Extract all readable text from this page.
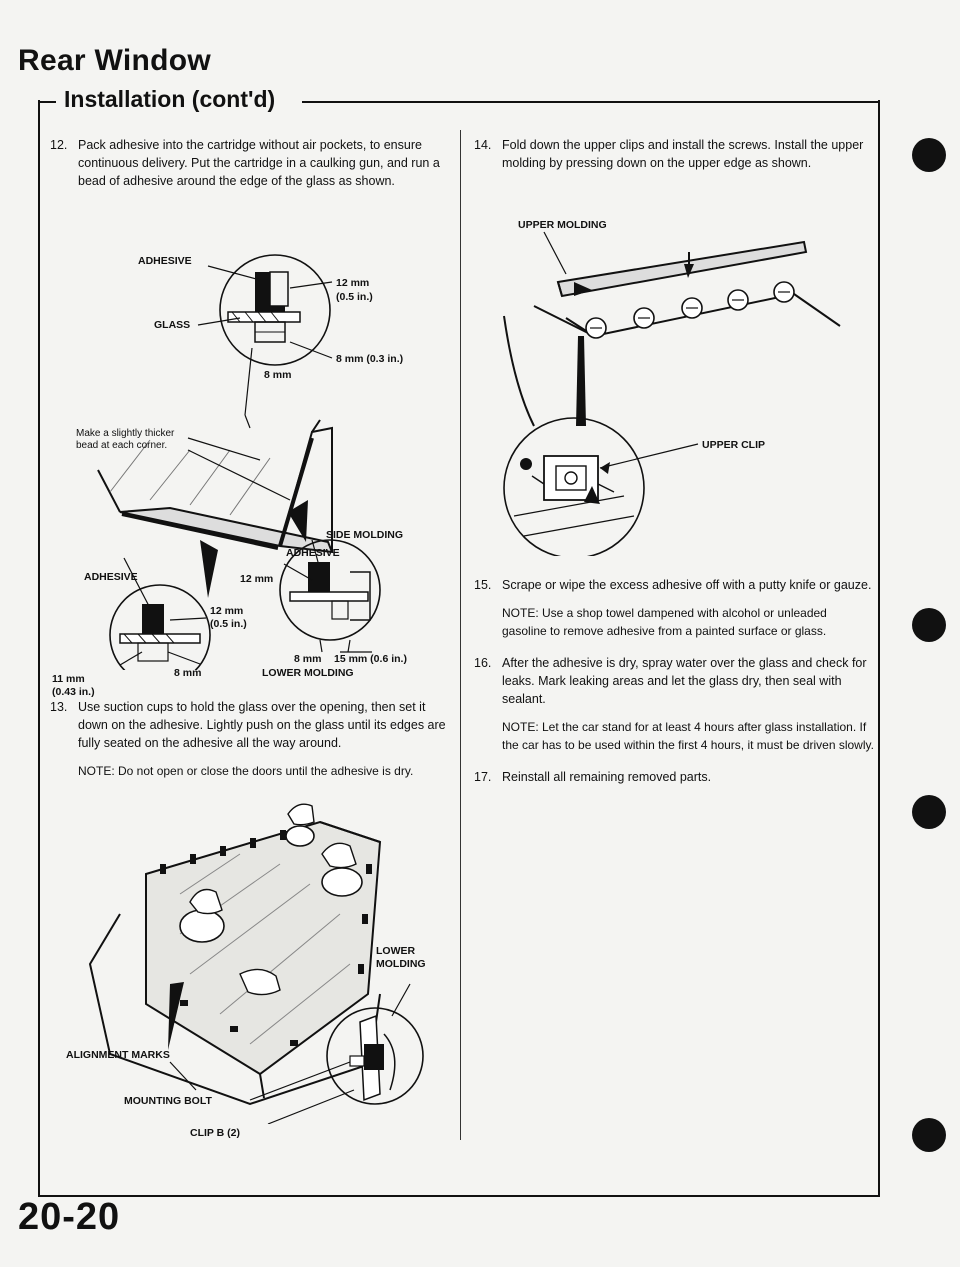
Rear Window
Installation (cont'd)

12. Pack adhesive into the cartridge without air pockets, to ensure continuous delivery. Put the cartridge in a caulking gun, and run a bead of adhesive around the edge of the glass as shown.

ADHESIVE
GLASS
12 mm
(0.5 in.)
8 mm (0.3 in.)
8 mm
Make a slightly thicker
bead at each corner.
SIDE MOLDING
ADHESIVE
12 mm
ADHESIVE
12 mm
(0.5 in.)
8 mm 15 mm (0.6 in.)
11 mm
(0.43 in.)
8 mm	LOWER MOLDING

13. Use suction cups to hold the glass over the opening, then set it down on the adhesive. Lightly push on the glass until its edges are fully seated on the adhesive all the way around.

NOTE: Do not open or close the doors until the adhesive is dry.

LOWER
MOLDING
ALIGNMENT MARKS
MOUNTING BOLT
CLIP B (2)

14. Fold down the upper clips and install the screws. Install the upper molding by pressing down on the upper edge as shown.

UPPER MOLDING
UPPER CLIP

15. Scrape or wipe the excess adhesive off with a putty knife or gauze.

NOTE: Use a shop towel dampened with alcohol or unleaded gasoline to remove adhesive from a painted surface or glass.

16. After the adhesive is dry, spray water over the glass and check for leaks. Mark leaking areas and let the glass dry, then seal with sealant.

NOTE: Let the car stand for at least 4 hours after glass installation. If the car has to be used within the first 4 hours, it must be driven slowly.

17. Reinstall all remaining removed parts.

20-20
